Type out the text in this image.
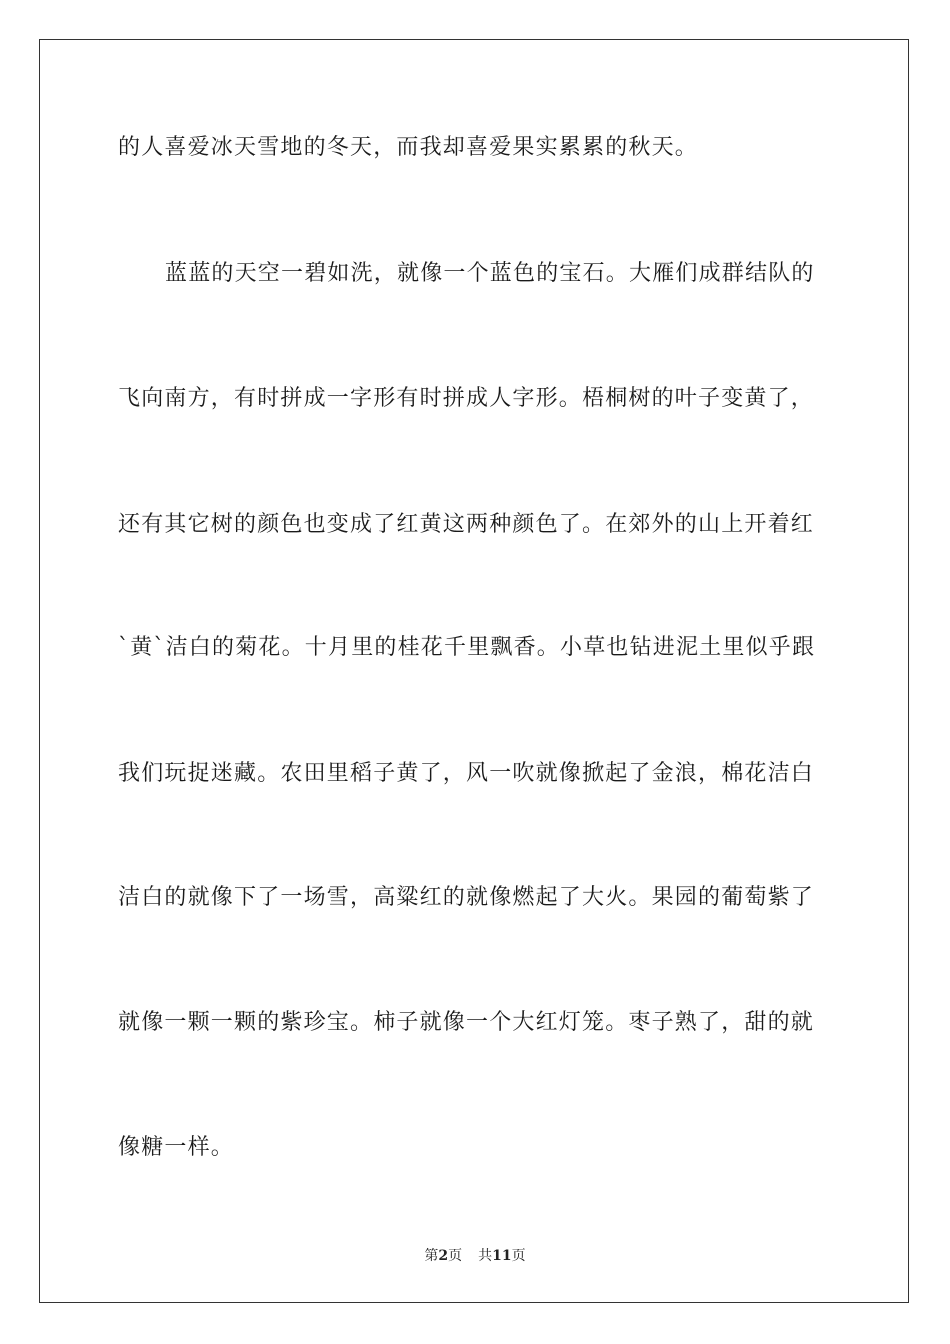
的人喜爱冰天雪地的冬天，而我却喜爱果实累累的秋天。
蓝蓝的天空一碧如洗，就像一个蓝色的宝石。大雁们成群结队的
飞向南方，有时拼成一字形有时拼成人字形。梧桐树的叶子变黄了，
还有其它树的颜色也变成了红黄这两种颜色了。在郊外的山上开着红
`黄`洁白的菊花。十月里的桂花千里飘香。小草也钻进泥土里似乎跟
我们玩捉迷藏。农田里稻子黄了，风一吹就像掀起了金浪，棉花洁白
洁白的就像下了一场雪，高粱红的就像燃起了大火。果园的葡萄紫了
就像一颗一颗的紫珍宝。柿子就像一个大红灯笼。枣子熟了，甜的就
像糖一样。
第2页 共11页
